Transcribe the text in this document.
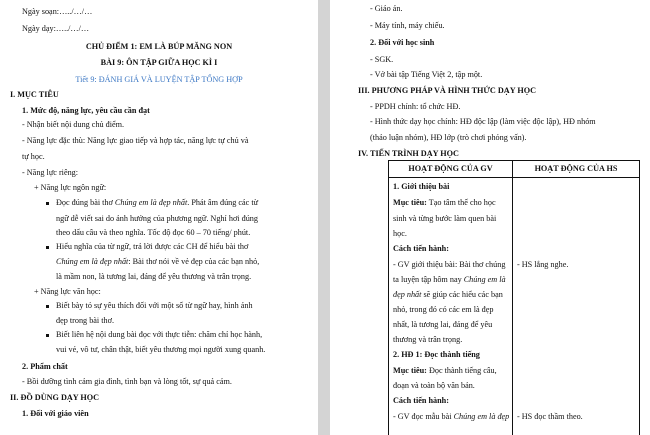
Ngày soạn:…../…/…
Ngày dạy:…../…/…
CHỦ ĐIỂM 1: EM LÀ BÚP MĂNG NON
BÀI 9: ÔN TẬP GIỮA HỌC KÌ I
Tiết 9: ĐÁNH GIÁ VÀ LUYỆN TẬP TỔNG HỢP
I. MỤC TIÊU
1. Mức độ, năng lực, yêu cầu cần đạt
- Nhận biết nội dung chủ điểm.
- Năng lực đặc thù: Năng lực giao tiếp và hợp tác, năng lực tự chủ và
tự học.
- Năng lực riêng:
+ Năng lực ngôn ngữ:
Đọc đúng bài thơ Chúng em là đẹp nhất. Phát âm đúng các từ
ngữ dễ viết sai do ảnh hưởng của phương ngữ. Nghỉ hơi đúng
theo dấu câu và theo nghĩa. Tốc độ đọc 60 – 70 tiếng/ phút.
Hiểu nghĩa của từ ngữ, trả lời được các CH để hiểu bài thơ
Chúng em là đẹp nhất: Bài thơ nói về vẻ đẹp của các bạn nhỏ,
là mầm non, là tương lai, đáng để yêu thương và trân trọng.
+ Năng lực văn học:
Biết bày tỏ sự yêu thích đối với một số từ ngữ hay, hình ảnh
đẹp trong bài thơ.
Biết liên hệ nội dung bài đọc với thực tiễn: chăm chỉ học hành,
vui vẻ, vô tư, chân thật, biết yêu thương mọi người xung quanh.
2. Phẩm chất
- Bồi dưỡng tình cảm gia đình, tình bạn và lòng tốt, sự quả cảm.
II. ĐỒ DÙNG DẠY HỌC
1. Đối với giáo viên
- Giáo án.
- Máy tính, máy chiếu.
2. Đối với học sinh
- SGK.
- Vở bài tập Tiếng Việt 2, tập một.
III. PHƯƠNG PHÁP VÀ HÌNH THỨC DẠY HỌC
- PPDH chính: tổ chức HĐ.
- Hình thức dạy học chính: HĐ độc lập (làm việc độc lập), HĐ nhóm
(thảo luận nhóm), HĐ lớp (trò chơi phỏng vấn).
IV. TIẾN TRÌNH DẠY HỌC
HOẠT ĐỘNG CỦA GV	HOẠT ĐỘNG CỦA HS
1. Giới thiệu bài
Mục tiêu: Tạo tâm thế cho học
sinh và từng bước làm quen bài
học.
Cách tiến hành:
- GV giới thiệu bài: Bài thơ chúng
ta luyện tập hôm nay Chúng em là
đẹp nhất sẽ giúp các hiểu các bạn
nhỏ, trong đó có các em là đẹp
nhất, là tương lai, đáng để yêu
thương và trân trọng.
2. HĐ 1: Đọc thành tiếng
Mục tiêu: Đọc thành tiếng câu,
đoạn và toàn bộ văn bản.
Cách tiến hành:
- GV đọc mẫu bài Chúng em là đẹp
- HS lắng nghe.
- HS đọc thầm theo.
